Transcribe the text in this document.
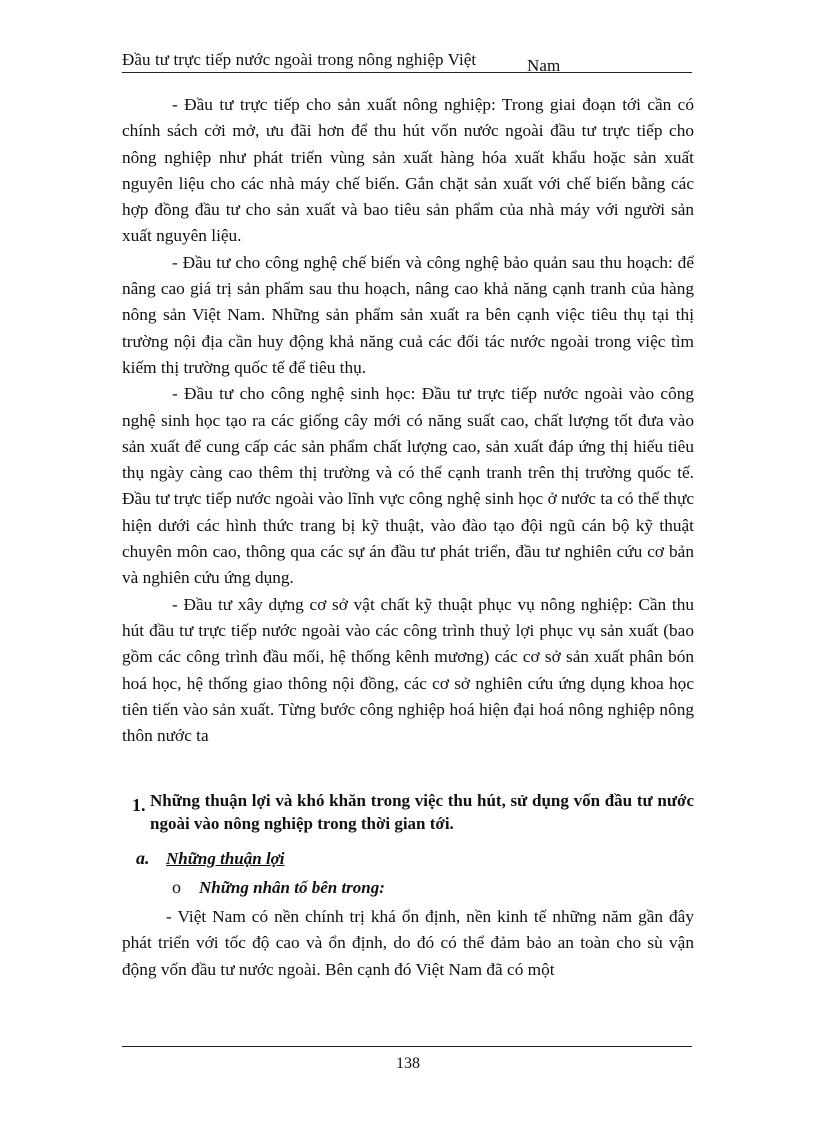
Đầu tư trực tiếp nước ngoài trong nông nghiệp Việt	Nam

- Đầu tư trực tiếp cho sản xuất nông nghiệp: Trong giai đoạn tới cần có chính sách cởi mở, ưu đãi hơn để thu hút vốn nước ngoài đầu tư trực tiếp cho nông nghiệp như phát triển vùng sản xuất hàng hóa xuất khẩu hoặc sản xuất nguyên liệu cho các nhà máy chế biến. Gắn chặt sản xuất với chế biến bằng các hợp đồng đầu tư cho sản xuất và bao tiêu sản phẩm của nhà máy với người sản xuất nguyên liệu.

- Đầu tư cho công nghệ chế biến và công nghệ bảo quản sau thu hoạch: để nâng cao giá trị sản phẩm sau thu hoạch, nâng cao khả năng cạnh tranh của hàng nông sản Việt Nam. Những sản phẩm sản xuất ra bên cạnh việc tiêu thụ tại thị trường nội địa cần huy động khả năng cuả các đối tác nước ngoài trong việc tìm kiếm thị trường quốc tế để tiêu thụ.

- Đầu tư cho công nghệ sinh học: Đầu tư trực tiếp nước ngoài vào công nghệ sinh học tạo ra các giống cây mới có năng suất cao, chất lượng tốt đưa vào sản xuất để cung cấp các sản phẩm chất lượng cao, sản xuất đáp ứng thị hiếu tiêu thụ ngày càng cao thêm thị trường và có thể cạnh tranh trên thị trường quốc tế. Đầu tư trực tiếp nước ngoài vào lĩnh vực công nghệ sinh học ở nước ta có thể thực hiện dưới các hình thức trang bị kỹ thuật, vào đào tạo đội ngũ cán bộ kỹ thuật chuyên môn cao, thông qua các sự án đầu tư phát triển, đầu tư nghiên cứu cơ bản và nghiên cứu ứng dụng.

- Đầu tư xây dựng cơ sở vật chất kỹ thuật phục vụ nông nghiệp: Cần thu hút đầu tư trực tiếp nước ngoài vào các công trình thuỷ lợi phục vụ sản xuất (bao gồm các công trình đầu mối, hệ thống kênh mương) các cơ sở sản xuất phân bón hoá học, hệ thống giao thông nội đồng, các cơ sở nghiên cứu ứng dụng khoa học tiên tiến vào sản xuất. Từng bước công nghiệp hoá hiện đại hoá nông nghiệp nông thôn nước ta

1. Những thuận lợi và khó khăn trong việc thu hút, sử dụng vốn đầu tư nước ngoài vào nông nghiệp trong thời gian tới.
a. Những thuận lợi
o Những nhân tố bên trong:

- Việt Nam có nền chính trị khá ổn định, nền kinh tế những năm gần đây phát triển với tốc độ cao và ổn định, do đó có thể đảm bảo an toàn cho sù vận động vốn đầu tư nước ngoài. Bên cạnh đó Việt Nam đã có một

138
